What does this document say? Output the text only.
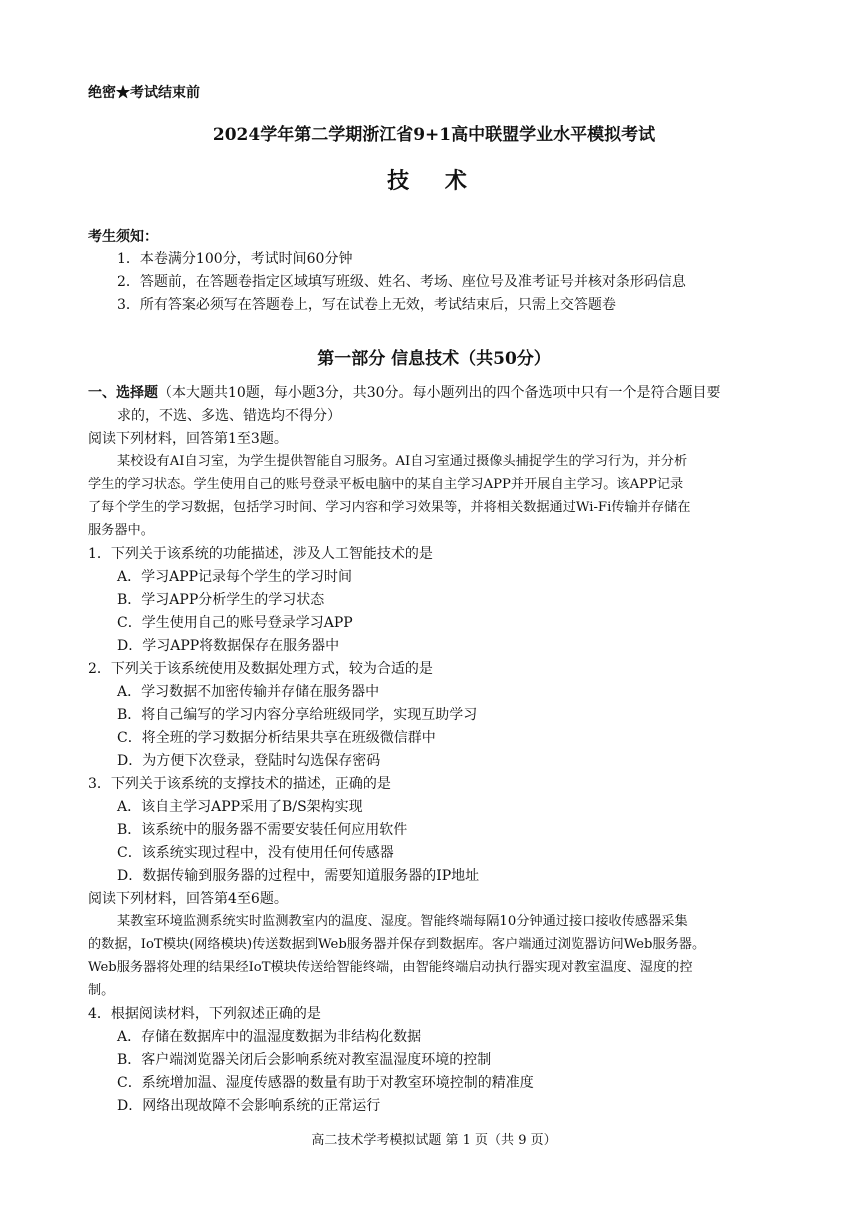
绝密★考试结束前
2024学年第二学期浙江省9+1高中联盟学业水平模拟考试
技 术
考生须知：
1．本卷满分100分，考试时间60分钟
2．答题前，在答题卷指定区域填写班级、姓名、考场、座位号及准考证号并核对条形码信息
3．所有答案必须写在答题卷上，写在试卷上无效，考试结束后，只需上交答题卷
第一部分 信息技术（共50分）
一、选择题（本大题共10题，每小题3分，共30分。每小题列出的四个备选项中只有一个是符合题目要
求的，不选、多选、错选均不得分）
阅读下列材料，回答第1至3题。
某校设有AI自习室，为学生提供智能自习服务。AI自习室通过摄像头捕捉学生的学习行为，并分析
学生的学习状态。学生使用自己的账号登录平板电脑中的某自主学习APP并开展自主学习。该APP记录
了每个学生的学习数据，包括学习时间、学习内容和学习效果等，并将相关数据通过Wi-Fi传输并存储在
服务器中。
1．下列关于该系统的功能描述，涉及人工智能技术的是
A．学习APP记录每个学生的学习时间
B．学习APP分析学生的学习状态
C．学生使用自己的账号登录学习APP
D．学习APP将数据保存在服务器中
2．下列关于该系统使用及数据处理方式，较为合适的是
A．学习数据不加密传输并存储在服务器中
B．将自己编写的学习内容分享给班级同学，实现互助学习
C．将全班的学习数据分析结果共享在班级微信群中
D．为方便下次登录，登陆时勾选保存密码
3．下列关于该系统的支撑技术的描述，正确的是
A．该自主学习APP采用了B/S架构实现
B．该系统中的服务器不需要安装任何应用软件
C．该系统实现过程中，没有使用任何传感器
D．数据传输到服务器的过程中，需要知道服务器的IP地址
阅读下列材料，回答第4至6题。
某教室环境监测系统实时监测教室内的温度、湿度。智能终端每隔10分钟通过接口接收传感器采集
的数据，IoT模块(网络模块)传送数据到Web服务器并保存到数据库。客户端通过浏览器访问Web服务器。
Web服务器将处理的结果经IoT模块传送给智能终端，由智能终端启动执行器实现对教室温度、湿度的控
制。
4．根据阅读材料，下列叙述正确的是
A．存储在数据库中的温湿度数据为非结构化数据
B．客户端浏览器关闭后会影响系统对教室温湿度环境的控制
C．系统增加温、湿度传感器的数量有助于对教室环境控制的精准度
D．网络出现故障不会影响系统的正常运行
高二技术学考模拟试题 第 1 页（共 9 页）
